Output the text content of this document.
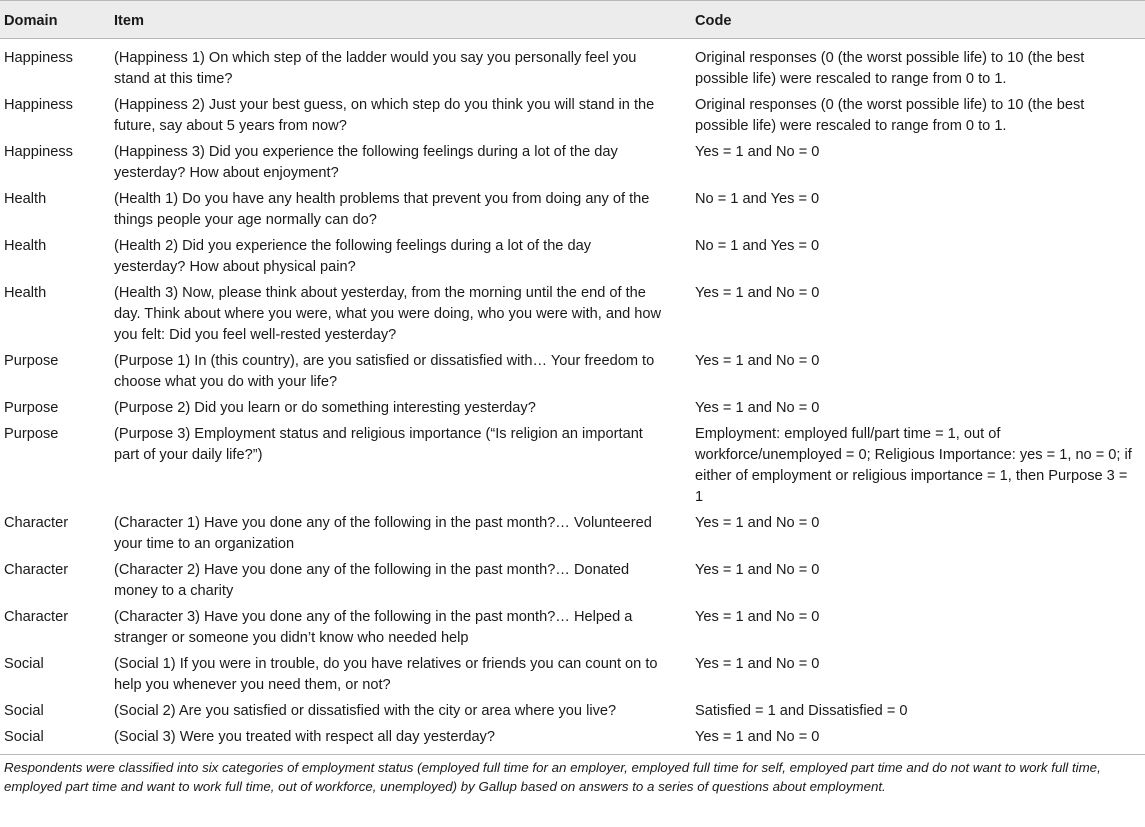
Domain	Item	Code
Happiness	(Happiness 1) On which step of the ladder would you say you personally feel you stand at this time?	Original responses (0 (the worst possible life) to 10 (the best possible life) were rescaled to range from 0 to 1.
Happiness	(Happiness 2) Just your best guess, on which step do you think you will stand in the future, say about 5 years from now?	Original responses (0 (the worst possible life) to 10 (the best possible life) were rescaled to range from 0 to 1.
Happiness	(Happiness 3) Did you experience the following feelings during a lot of the day yesterday? How about enjoyment?	Yes = 1 and No = 0
Health	(Health 1) Do you have any health problems that prevent you from doing any of the things people your age normally can do?	No = 1 and Yes = 0
Health	(Health 2) Did you experience the following feelings during a lot of the day yesterday? How about physical pain?	No = 1 and Yes = 0
Health	(Health 3) Now, please think about yesterday, from the morning until the end of the day. Think about where you were, what you were doing, who you were with, and how you felt: Did you feel well-rested yesterday?	Yes = 1 and No = 0
Purpose	(Purpose 1) In (this country), are you satisfied or dissatisfied with… Your freedom to choose what you do with your life?	Yes = 1 and No = 0
Purpose	(Purpose 2) Did you learn or do something interesting yesterday?	Yes = 1 and No = 0
Purpose	(Purpose 3) Employment status and religious importance (“Is religion an important part of your daily life?”)	Employment: employed full/part time = 1, out of workforce/unemployed = 0; Religious Importance: yes = 1, no = 0; if either of employment or religious importance = 1, then Purpose 3 = 1
Character	(Character 1) Have you done any of the following in the past month?… Volunteered your time to an organization	Yes = 1 and No = 0
Character	(Character 2) Have you done any of the following in the past month?… Donated money to a charity	Yes = 1 and No = 0
Character	(Character 3) Have you done any of the following in the past month?… Helped a stranger or someone you didn’t know who needed help	Yes = 1 and No = 0
Social	(Social 1) If you were in trouble, do you have relatives or friends you can count on to help you whenever you need them, or not?	Yes = 1 and No = 0
Social	(Social 2) Are you satisfied or dissatisfied with the city or area where you live?	Satisfied = 1 and Dissatisfied = 0
Social	(Social 3) Were you treated with respect all day yesterday?	Yes = 1 and No = 0
Respondents were classified into six categories of employment status (employed full time for an employer, employed full time for self, employed part time and do not want to work full time, employed part time and want to work full time, out of workforce, unemployed) by Gallup based on answers to a series of questions about employment.
